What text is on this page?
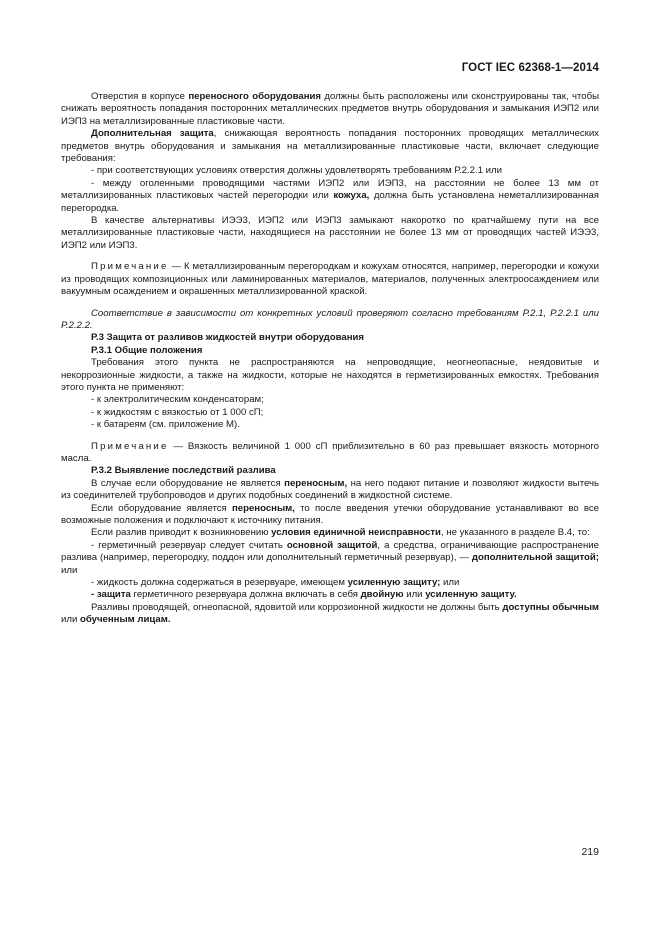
ГОСТ IEC 62368-1—2014

Отверстия в корпусе переносного оборудования должны быть расположены или сконструированы так, чтобы снижать вероятность попадания посторонних металлических предметов внутрь оборудования и замыкания ИЭП2 или ИЭП3 на металлизированные пластиковые части.

Дополнительная защита, снижающая вероятность попадания посторонних проводящих металлических предметов внутрь оборудования и замыкания на металлизированные пластиковые части, включает следующие требования:

- при соответствующих условиях отверстия должны удовлетворять требованиям Р.2.2.1 или

- между оголенными проводящими частями ИЭП2 или ИЭП3, на расстоянии не более 13 мм от металлизированных пластиковых частей перегородки или кожуха, должна быть установлена неметаллизированная перегородка.

В качестве альтернативы ИЭЭ3, ИЭП2 или ИЭП3 замыкают накоротко по кратчайшему пути на все металлизированные пластиковые части, находящиеся на расстоянии не более 13 мм от проводящих частей ИЭЭ3, ИЭП2 или ИЭП3.

Примечание — К металлизированным перегородкам и кожухам относятся, например, перегородки и кожухи из проводящих композиционных или ламинированных материалов, материалов, полученных электроосаждением или вакуумным осаждением и окрашенных металлизированной краской.

Соответствие в зависимости от конкретных условий проверяют согласно требованиям Р.2.1, Р.2.2.1 или Р.2.2.2.

Р.3 Защита от разливов жидкостей внутри оборудования

Р.3.1 Общие положения

Требования этого пункта не распространяются на непроводящие, неогнеопасные, неядовитые и некоррозионные жидкости, а также на жидкости, которые не находятся в герметизированных емкостях. Требования этого пункта не применяют:

- к электролитическим конденсаторам;

- к жидкостям с вязкостью от 1 000 сП;

- к батареям (см. приложение М).

Примечание — Вязкость величиной 1 000 сП приблизительно в 60 раз превышает вязкость моторного масла.

Р.3.2 Выявление последствий разлива

В случае если оборудование не является переносным, на него подают питание и позволяют жидкости вытечь из соединителей трубопроводов и других подобных соединений в жидкостной системе.

Если оборудование является переносным, то после введения утечки оборудование устанавливают во все возможные положения и подключают к источнику питания.

Если разлив приводит к возникновению условия единичной неисправности, не указанного в разделе В.4, то:

- герметичный резервуар следует считать основной защитой, а средства, ограничивающие распространение разлива (например, перегородку, поддон или дополнительный герметичный резервуар), — дополнительной защитой; или

- жидкость должна содержаться в резервуаре, имеющем усиленную защиту; или

- защита герметичного резервуара должна включать в себя двойную или усиленную защиту.

Разливы проводящей, огнеопасной, ядовитой или коррозионной жидкости не должны быть доступны обычным или обученным лицам.

219
